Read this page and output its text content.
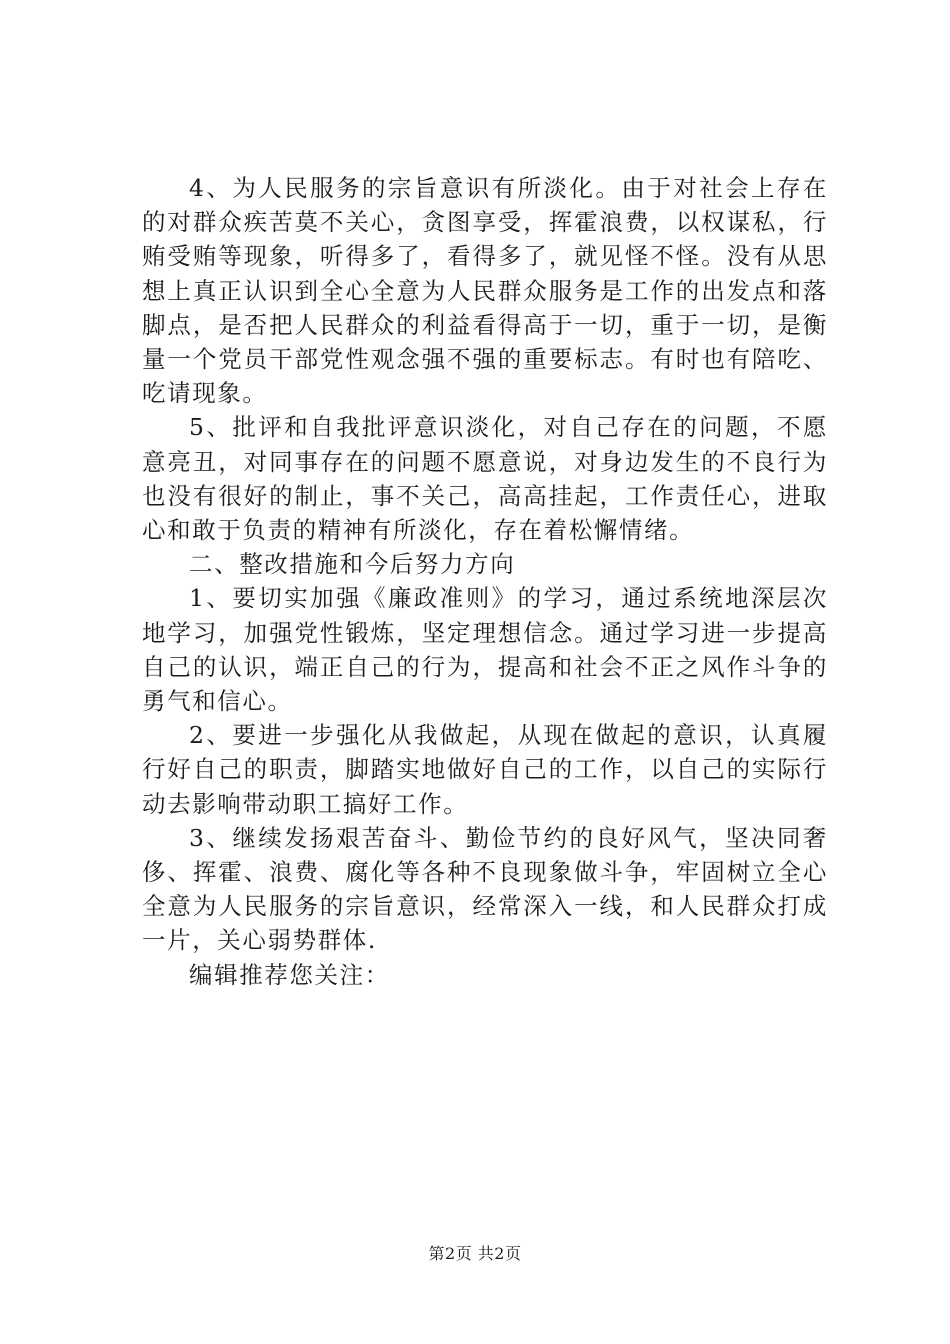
4、为人民服务的宗旨意识有所淡化。由于对社会上存在的对群众疾苦莫不关心，贪图享受，挥霍浪费，以权谋私，行贿受贿等现象，听得多了，看得多了，就见怪不怪。没有从思想上真正认识到全心全意为人民群众服务是工作的出发点和落脚点，是否把人民群众的利益看得高于一切，重于一切，是衡量一个党员干部党性观念强不强的重要标志。有时也有陪吃、吃请现象。

5、批评和自我批评意识淡化，对自己存在的问题，不愿意亮丑，对同事存在的问题不愿意说，对身边发生的不良行为也没有很好的制止，事不关己，高高挂起，工作责任心，进取心和敢于负责的精神有所淡化，存在着松懈情绪。

二、整改措施和今后努力方向

1、要切实加强《廉政准则》的学习，通过系统地深层次地学习，加强党性锻炼，坚定理想信念。通过学习进一步提高自己的认识，端正自己的行为，提高和社会不正之风作斗争的勇气和信心。

2、要进一步强化从我做起，从现在做起的意识，认真履行好自己的职责，脚踏实地做好自己的工作，以自己的实际行动去影响带动职工搞好工作。

3、继续发扬艰苦奋斗、勤俭节约的良好风气，坚决同奢侈、挥霍、浪费、腐化等各种不良现象做斗争，牢固树立全心全意为人民服务的宗旨意识，经常深入一线，和人民群众打成一片，关心弱势群体.

编辑推荐您关注：

第2页 共2页
